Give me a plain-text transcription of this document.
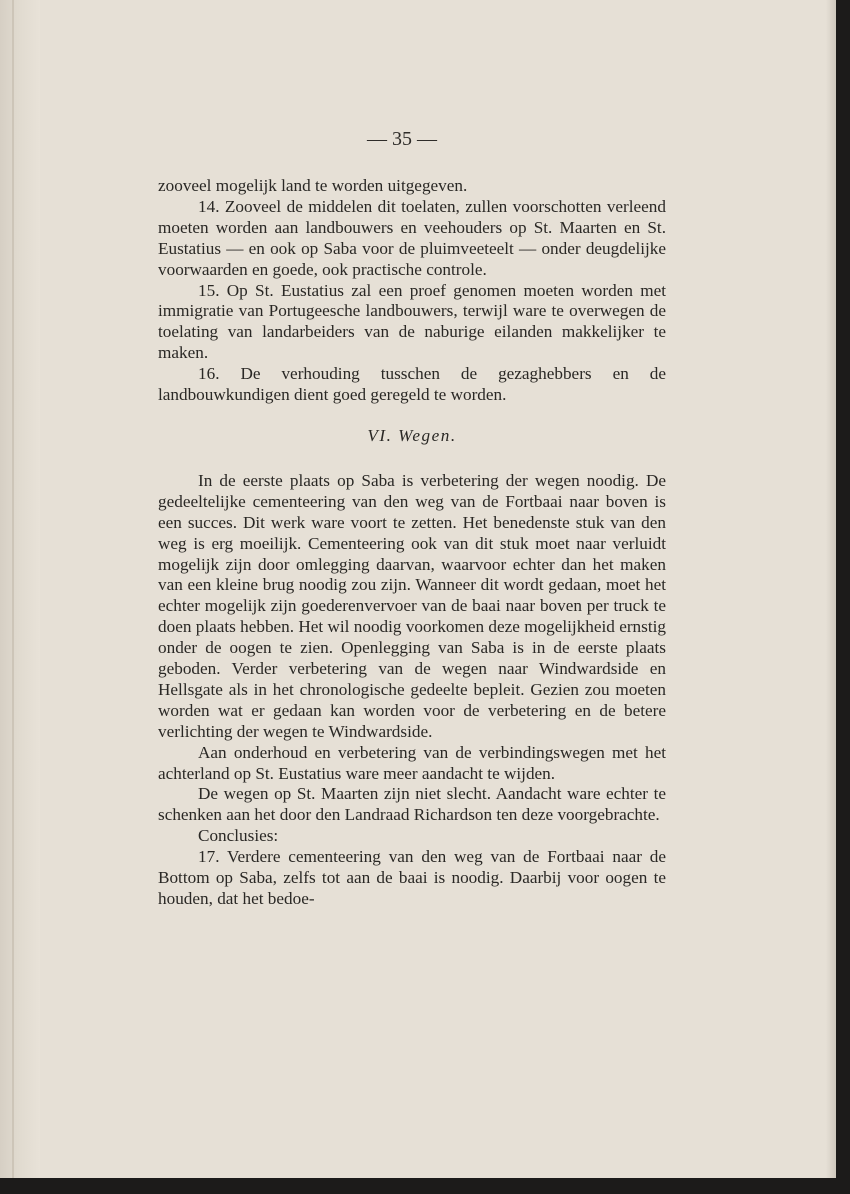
— 35 —

zooveel mogelijk land te worden uitgegeven.

14. Zooveel de middelen dit toelaten, zullen voorschotten verleend moeten worden aan landbouwers en veehouders op St. Maarten en St. Eustatius — en ook op Saba voor de pluimveeteelt — onder deugdelijke voorwaarden en goede, ook practische controle.

15. Op St. Eustatius zal een proef genomen moeten worden met immigratie van Portugeesche landbouwers, terwijl ware te overwegen de toelating van landarbeiders van de naburige eilanden makkelijker te maken.

16. De verhouding tusschen de gezaghebbers en de landbouwkundigen dient goed geregeld te worden.

VI. Wegen.

In de eerste plaats op Saba is verbetering der wegen noodig. De gedeeltelijke cementeering van den weg van de Fortbaai naar boven is een succes. Dit werk ware voort te zetten. Het benedenste stuk van den weg is erg moeilijk. Cementeering ook van dit stuk moet naar verluidt mogelijk zijn door omlegging daarvan, waarvoor echter dan het maken van een kleine brug noodig zou zijn. Wanneer dit wordt gedaan, moet het echter mogelijk zijn goederenvervoer van de baai naar boven per truck te doen plaats hebben. Het wil noodig voorkomen deze mogelijkheid ernstig onder de oogen te zien. Openlegging van Saba is in de eerste plaats geboden. Verder verbetering van de wegen naar Windwardside en Hellsgate als in het chronologische gedeelte bepleit. Gezien zou moeten worden wat er gedaan kan worden voor de verbetering en de betere verlichting der wegen te Windwardside.

Aan onderhoud en verbetering van de verbindingswegen met het achterland op St. Eustatius ware meer aandacht te wijden.

De wegen op St. Maarten zijn niet slecht. Aandacht ware echter te schenken aan het door den Landraad Richardson ten deze voorgebrachte.

Conclusies:

17. Verdere cementeering van den weg van de Fortbaai naar de Bottom op Saba, zelfs tot aan de baai is noodig. Daarbij voor oogen te houden, dat het bedoe-
